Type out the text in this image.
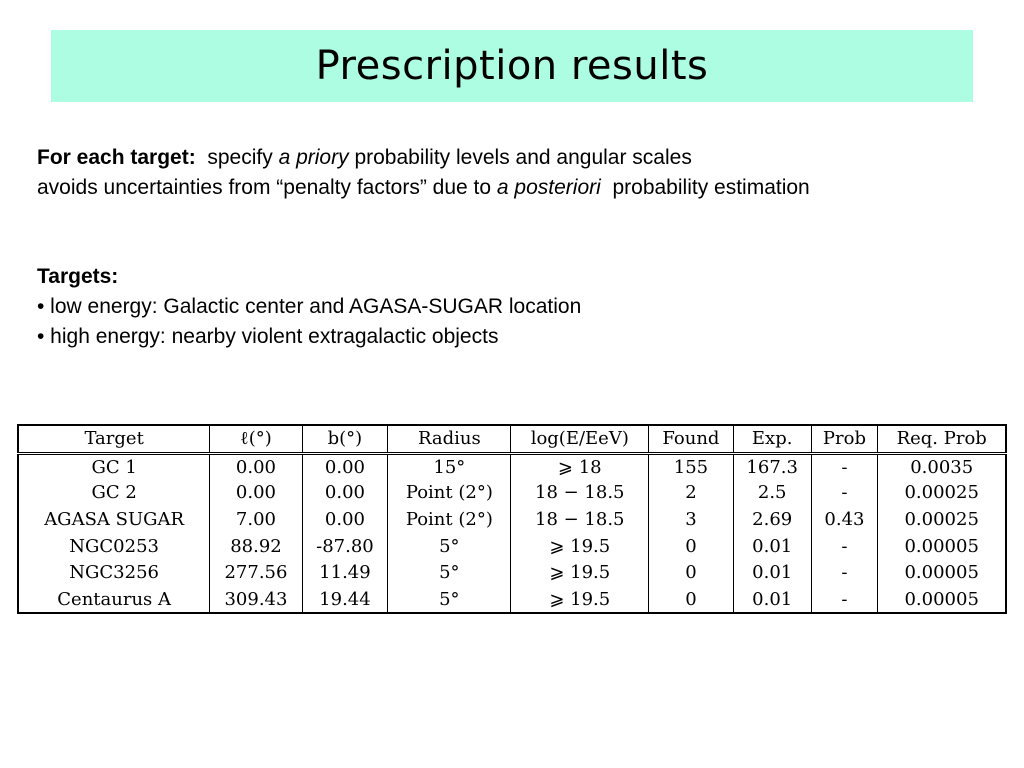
Prescription results
For each target: specify a priory probability levels and angular scales
avoids uncertainties from “penalty factors” due to a posteriori probability estimation
Targets:
• low energy: Galactic center and AGASA-SUGAR location
• high energy: nearby violent extragalactic objects
Target	ℓ(°)	b(°)	Radius	log(E/EeV)	Found	Exp.	Prob	Req. Prob
GC 1	0.00	0.00	15°	⩾ 18	155	167.3	-	0.0035
GC 2	0.00	0.00	Point (2°)	18 − 18.5	2	2.5	-	0.00025
AGASA SUGAR	7.00	0.00	Point (2°)	18 − 18.5	3	2.69	0.43	0.00025
NGC0253	88.92	-87.80	5°	⩾ 19.5	0	0.01	-	0.00005
NGC3256	277.56	11.49	5°	⩾ 19.5	0	0.01	-	0.00005
Centaurus A	309.43	19.44	5°	⩾ 19.5	0	0.01	-	0.00005
